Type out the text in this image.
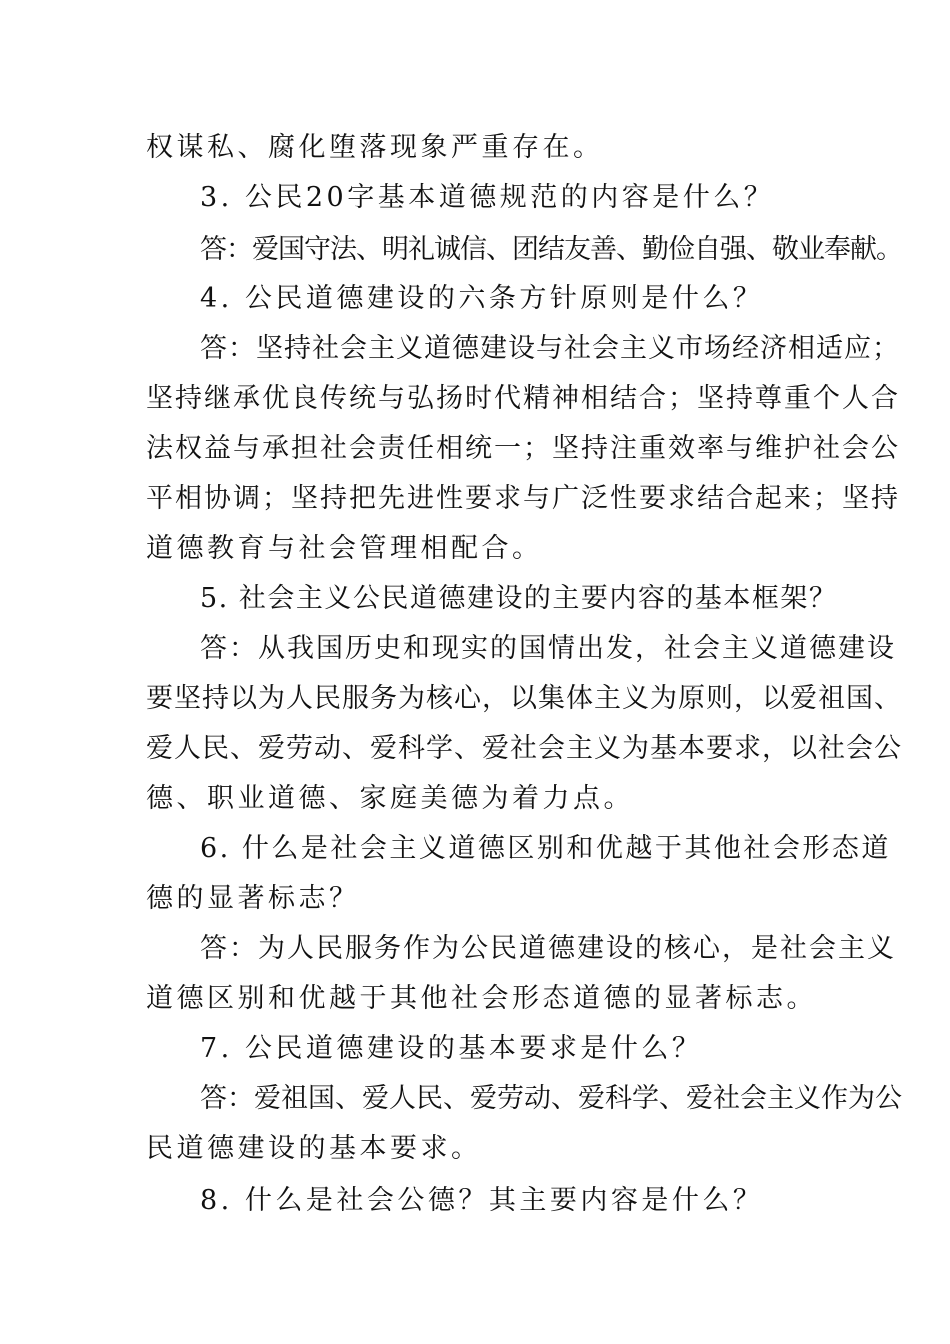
权谋私、腐化堕落现象严重存在。
3. 公民20字基本道德规范的内容是什么？
答：爱国守法、明礼诚信、团结友善、勤俭自强、敬业奉献。
4. 公民道德建设的六条方针原则是什么？
答：坚持社会主义道德建设与社会主义市场经济相适应；
坚持继承优良传统与弘扬时代精神相结合；坚持尊重个人合
法权益与承担社会责任相统一；坚持注重效率与维护社会公
平相协调；坚持把先进性要求与广泛性要求结合起来；坚持
道德教育与社会管理相配合。
5. 社会主义公民道德建设的主要内容的基本框架？
答：从我国历史和现实的国情出发，社会主义道德建设
要坚持以为人民服务为核心，以集体主义为原则，以爱祖国、
爱人民、爱劳动、爱科学、爱社会主义为基本要求，以社会公
德、职业道德、家庭美德为着力点。
6. 什么是社会主义道德区别和优越于其他社会形态道
德的显著标志？
答：为人民服务作为公民道德建设的核心，是社会主义
道德区别和优越于其他社会形态道德的显著标志。
7. 公民道德建设的基本要求是什么？
答：爱祖国、爱人民、爱劳动、爱科学、爱社会主义作为公
民道德建设的基本要求。
8. 什么是社会公德？其主要内容是什么？
